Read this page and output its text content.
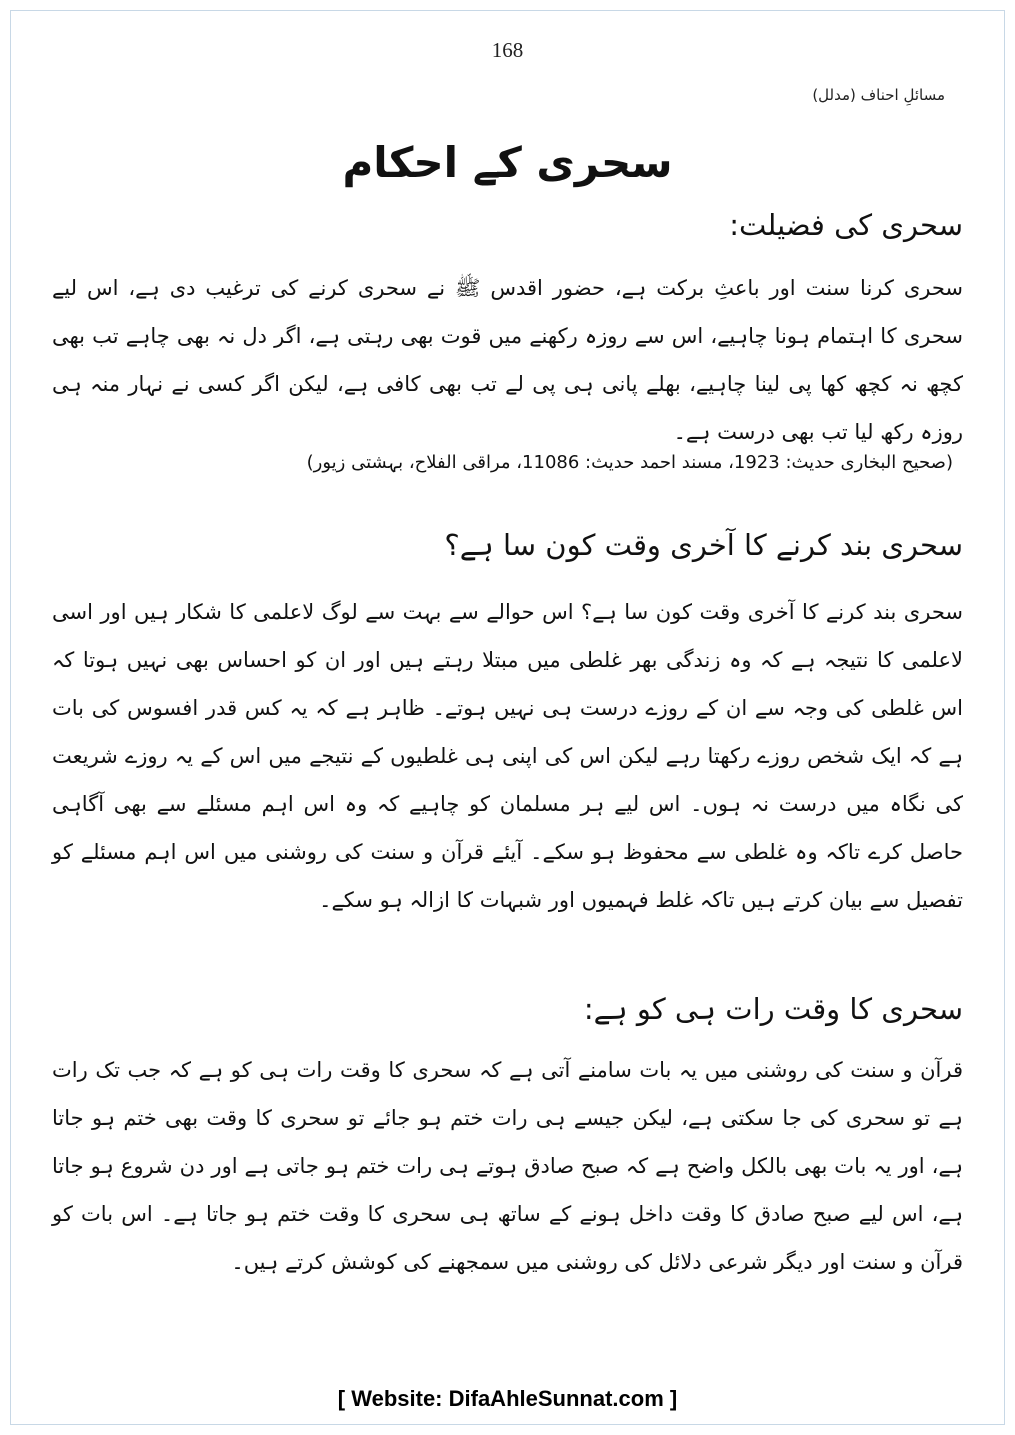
168
مسائلِ احناف (مدلل)
سحری کے احکام
سحری کی فضیلت:

سحری کرنا سنت اور باعثِ برکت ہے، حضور اقدس ﷺ نے سحری کرنے کی ترغیب دی ہے، اس لیے سحری کا اہتمام ہونا چاہیے، اس سے روزہ رکھنے میں قوت بھی رہتی ہے، اگر دل نہ بھی چاہے تب بھی کچھ نہ کچھ کھا پی لینا چاہیے، بھلے پانی ہی پی لے تب بھی کافی ہے، لیکن اگر کسی نے نہار منہ ہی روزہ رکھ لیا تب بھی درست ہے۔

(صحیح البخاری حدیث: 1923، مسند احمد حدیث: 11086، مراقی الفلاح، بہشتی زیور)
سحری بند کرنے کا آخری وقت کون سا ہے؟

سحری بند کرنے کا آخری وقت کون سا ہے؟ اس حوالے سے بہت سے لوگ لاعلمی کا شکار ہیں اور اسی لاعلمی کا نتیجہ ہے کہ وہ زندگی بھر غلطی میں مبتلا رہتے ہیں اور ان کو احساس بھی نہیں ہوتا کہ اس غلطی کی وجہ سے ان کے روزے درست ہی نہیں ہوتے۔ ظاہر ہے کہ یہ کس قدر افسوس کی بات ہے کہ ایک شخص روزے رکھتا رہے لیکن اس کی اپنی ہی غلطیوں کے نتیجے میں اس کے یہ روزے شریعت کی نگاہ میں درست نہ ہوں۔ اس لیے ہر مسلمان کو چاہیے کہ وہ اس اہم مسئلے سے بھی آگاہی حاصل کرے تاکہ وہ غلطی سے محفوظ ہو سکے۔ آیئے قرآن و سنت کی روشنی میں اس اہم مسئلے کو تفصیل سے بیان کرتے ہیں تاکہ غلط فہمیوں اور شبہات کا ازالہ ہو سکے۔

سحری کا وقت رات ہی کو ہے:

قرآن و سنت کی روشنی میں یہ بات سامنے آتی ہے کہ سحری کا وقت رات ہی کو ہے کہ جب تک رات ہے تو سحری کی جا سکتی ہے، لیکن جیسے ہی رات ختم ہو جائے تو سحری کا وقت بھی ختم ہو جاتا ہے، اور یہ بات بھی بالکل واضح ہے کہ صبح صادق ہوتے ہی رات ختم ہو جاتی ہے اور دن شروع ہو جاتا ہے، اس لیے صبح صادق کا وقت داخل ہونے کے ساتھ ہی سحری کا وقت ختم ہو جاتا ہے۔ اس بات کو قرآن و سنت اور دیگر شرعی دلائل کی روشنی میں سمجھنے کی کوشش کرتے ہیں۔

[ Website: DifaAhleSunnat.com ]
